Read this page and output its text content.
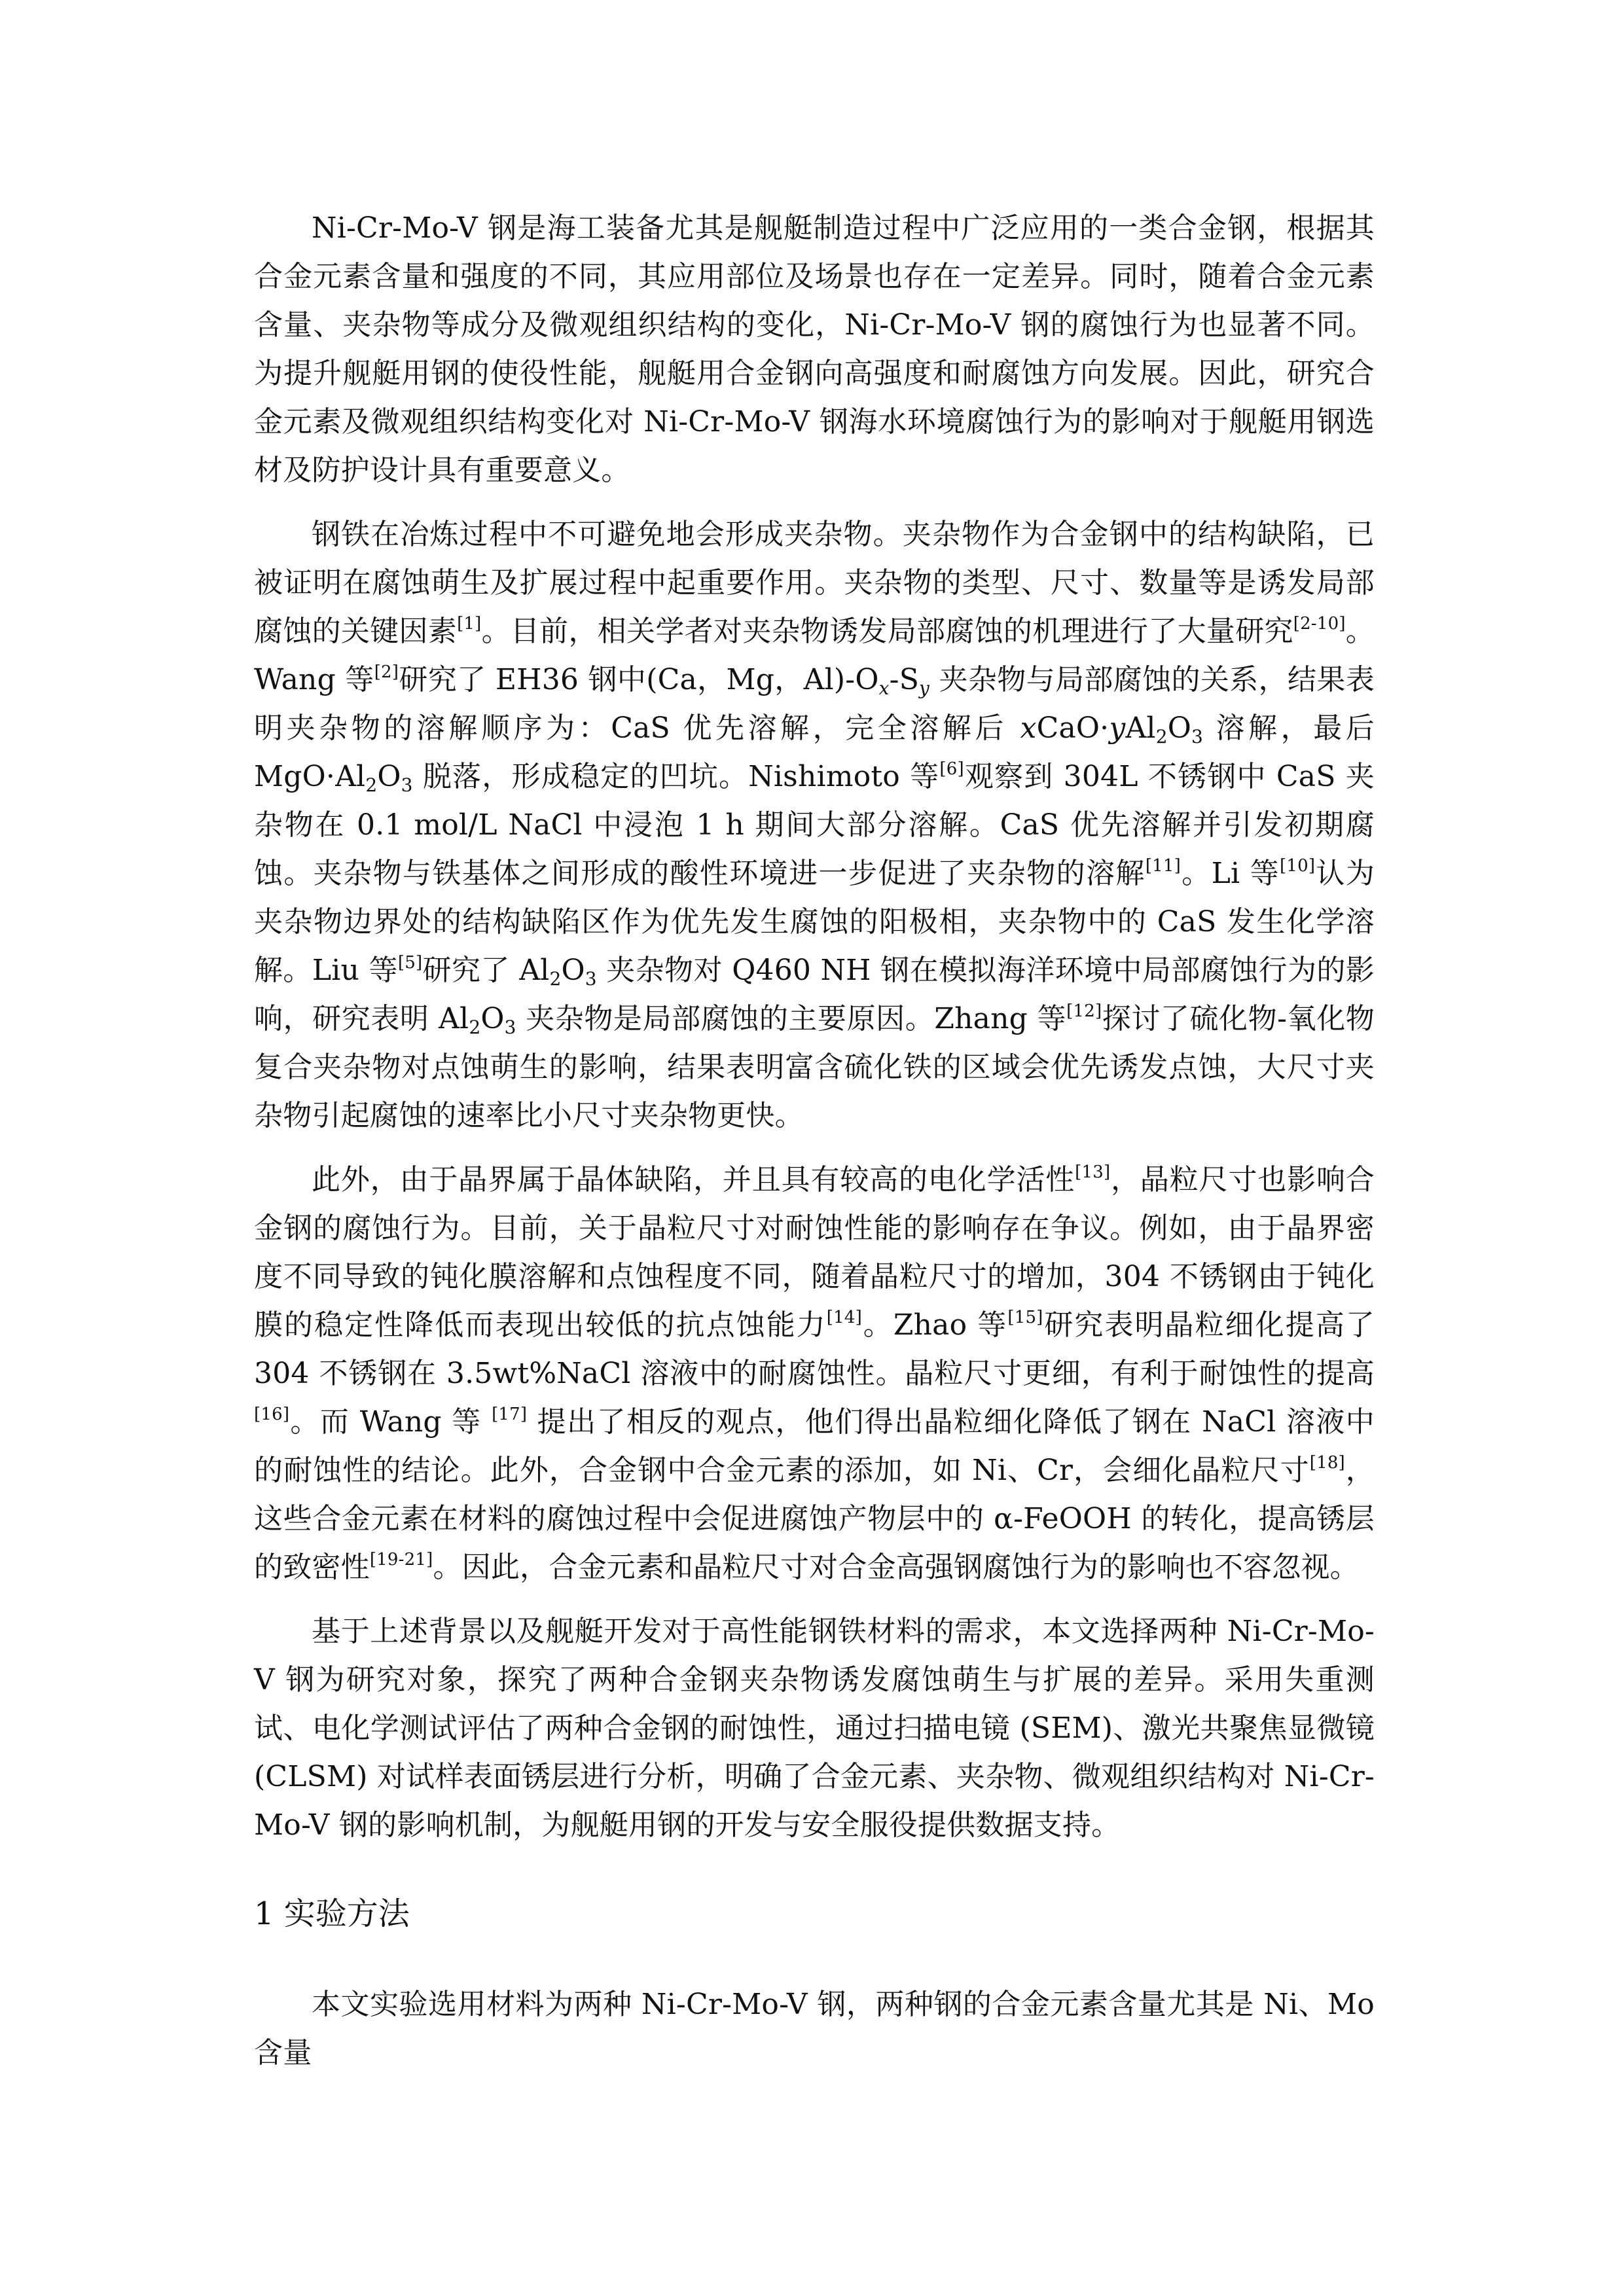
Ni-Cr-Mo-V 钢是海工装备尤其是舰艇制造过程中广泛应用的一类合金钢，根据其合金元素含量和强度的不同，其应用部位及场景也存在一定差异。同时，随着合金元素含量、夹杂物等成分及微观组织结构的变化，Ni-Cr-Mo-V 钢的腐蚀行为也显著不同。为提升舰艇用钢的使役性能，舰艇用合金钢向高强度和耐腐蚀方向发展。因此，研究合金元素及微观组织结构变化对 Ni-Cr-Mo-V 钢海水环境腐蚀行为的影响对于舰艇用钢选材及防护设计具有重要意义。

钢铁在冶炼过程中不可避免地会形成夹杂物。夹杂物作为合金钢中的结构缺陷，已被证明在腐蚀萌生及扩展过程中起重要作用。夹杂物的类型、尺寸、数量等是诱发局部腐蚀的关键因素[1]。目前，相关学者对夹杂物诱发局部腐蚀的机理进行了大量研究[2-10]。Wang 等[2]研究了 EH36 钢中(Ca，Mg，$Al)-O_x-S_y$ 夹杂物与局部腐蚀的关系，结果表明夹杂物的溶解顺序为：CaS 优先溶解，完全溶解后 $xCaO\cdot yAl_2O_3$ 溶解，最后 $MgO\cdot Al_2O_3$ 脱落，形成稳定的凹坑。Nishimoto 等[6]观察到 304L 不锈钢中 CaS 夹杂物在 0.1 mol/L NaCl 中浸泡 1 h 期间大部分溶解。CaS 优先溶解并引发初期腐蚀。夹杂物与铁基体之间形成的酸性环境进一步促进了夹杂物的溶解[11]。Li 等[10]认为夹杂物边界处的结构缺陷区作为优先发生腐蚀的阳极相，夹杂物中的 CaS 发生化学溶解。Liu 等[5]研究了 $Al_2O_3$ 夹杂物对 Q460 NH 钢在模拟海洋环境中局部腐蚀行为的影响，研究表明 $Al_2O_3$ 夹杂物是局部腐蚀的主要原因。Zhang 等[12]探讨了硫化物-氧化物复合夹杂物对点蚀萌生的影响，结果表明富含硫化铁的区域会优先诱发点蚀，大尺寸夹杂物引起腐蚀的速率比小尺寸夹杂物更快。

此外，由于晶界属于晶体缺陷，并且具有较高的电化学活性[13]，晶粒尺寸也影响合金钢的腐蚀行为。目前，关于晶粒尺寸对耐蚀性能的影响存在争议。例如，由于晶界密度不同导致的钝化膜溶解和点蚀程度不同，随着晶粒尺寸的增加，304 不锈钢由于钝化膜的稳定性降低而表现出较低的抗点蚀能力[14]。Zhao 等[15]研究表明晶粒细化提高了 304 不锈钢在 3.5wt%NaCl 溶液中的耐腐蚀性。晶粒尺寸更细，有利于耐蚀性的提高[16]。而 Wang 等 [17] 提出了相反的观点，他们得出晶粒细化降低了钢在 NaCl 溶液中的耐蚀性的结论。此外，合金钢中合金元素的添加，如 Ni、Cr，会细化晶粒尺寸[18]，这些合金元素在材料的腐蚀过程中会促进腐蚀产物层中的 α-FeOOH 的转化，提高锈层的致密性[19-21]。因此，合金元素和晶粒尺寸对合金高强钢腐蚀行为的影响也不容忽视。

基于上述背景以及舰艇开发对于高性能钢铁材料的需求，本文选择两种 Ni-Cr-Mo-V 钢为研究对象，探究了两种合金钢夹杂物诱发腐蚀萌生与扩展的差异。采用失重测试、电化学测试评估了两种合金钢的耐蚀性，通过扫描电镜 (SEM)、激光共聚焦显微镜 (CLSM) 对试样表面锈层进行分析，明确了合金元素、夹杂物、微观组织结构对 Ni-Cr-Mo-V 钢的影响机制，为舰艇用钢的开发与安全服役提供数据支持。

1 实验方法

本文实验选用材料为两种 Ni-Cr-Mo-V 钢，两种钢的合金元素含量尤其是 Ni、Mo 含量
